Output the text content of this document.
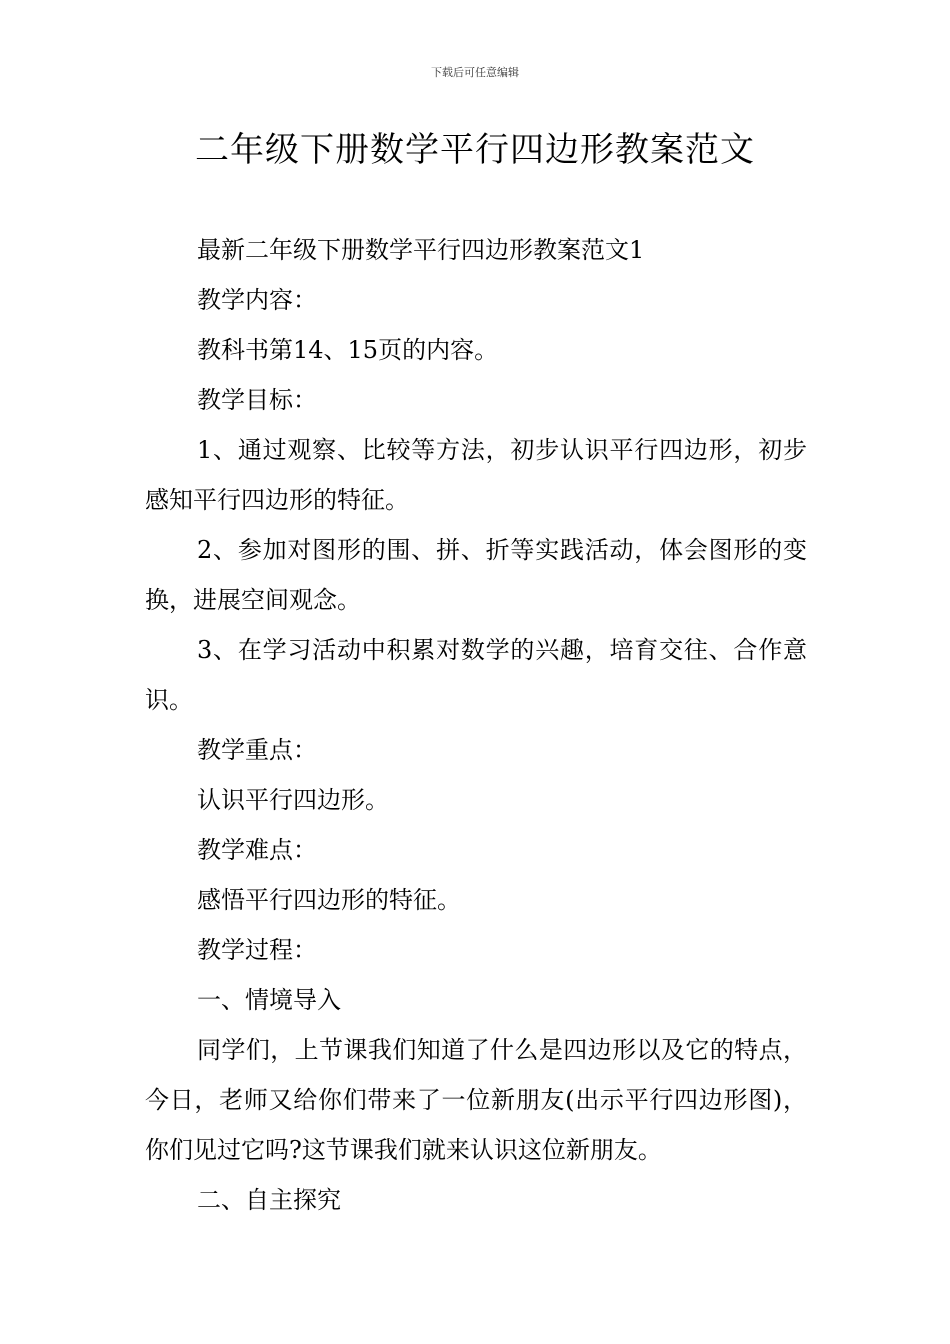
下载后可任意编辑
二年级下册数学平行四边形教案范文

最新二年级下册数学平行四边形教案范文1

教学内容：

教科书第14、15页的内容。

教学目标：

1、通过观察、比较等方法，初步认识平行四边形，初步感知平行四边形的特征。

2、参加对图形的围、拼、折等实践活动，体会图形的变换，进展空间观念。

3、在学习活动中积累对数学的兴趣，培育交往、合作意识。

教学重点：

认识平行四边形。

教学难点：

感悟平行四边形的特征。

教学过程：

一、情境导入

同学们，上节课我们知道了什么是四边形以及它的特点，今日，老师又给你们带来了一位新朋友(出示平行四边形图)，你们见过它吗?这节课我们就来认识这位新朋友。

二、自主探究
